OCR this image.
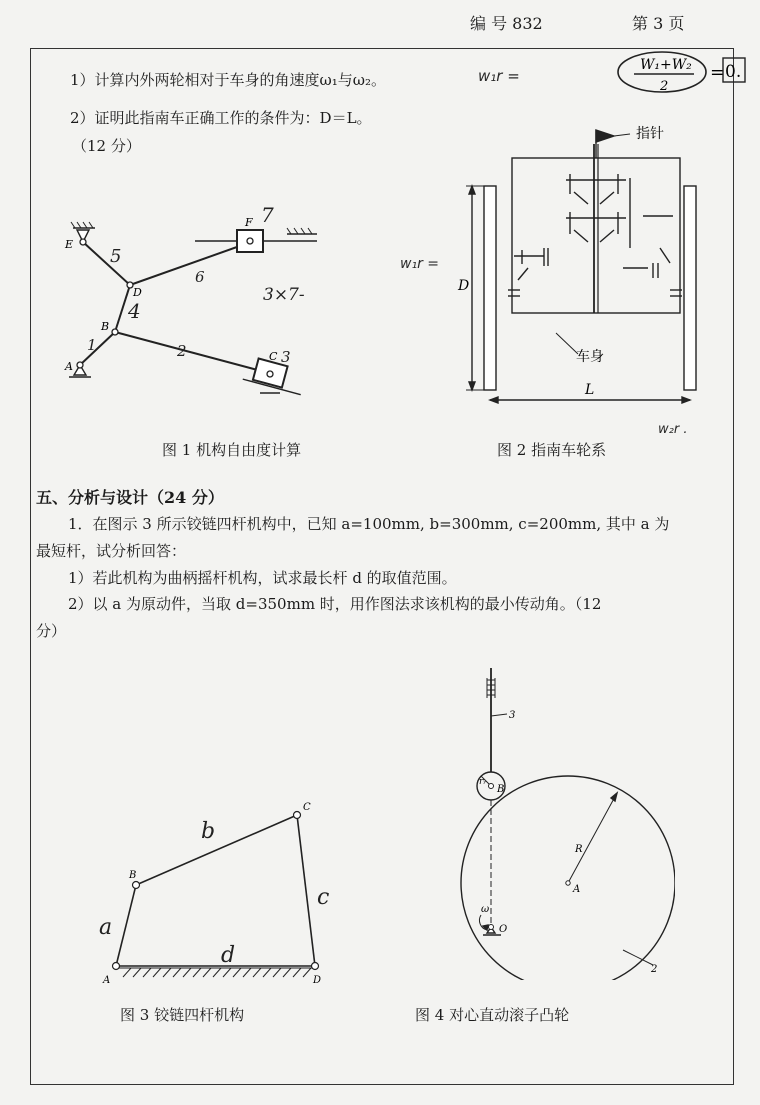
编 号 832	第 3 页
1）计算内外两轮相对于车身的角速度ω₁与ω₂。
2）证明此指南车正确工作的条件为：D＝L。
（12 分）
w₁r =
W₁+W₂
2
= 0.
E
F
D
B
A
C
5
7
6
4
1	2	3
3×7-
图 1 机构自由度计算
指针
车身
D
L
w₁r =
w₂r .
图 2 指南车轮系
五、分析与设计（24 分）
1．在图示 3 所示铰链四杆机构中，已知 a=100mm, b=300mm, c=200mm, 其中 a 为
最短杆，试分析回答：
1）若此机构为曲柄摇杆机构，试求最长杆 d 的取值范围。
2）以 a 为原动件，当取 d=350mm 时，用作图法求该机构的最小传动角。（12
分）
A
B
C
D
a
b
c
d
图 3 铰链四杆机构
3
B
rᵣ
R
A
ω
O
2
图 4 对心直动滚子凸轮
